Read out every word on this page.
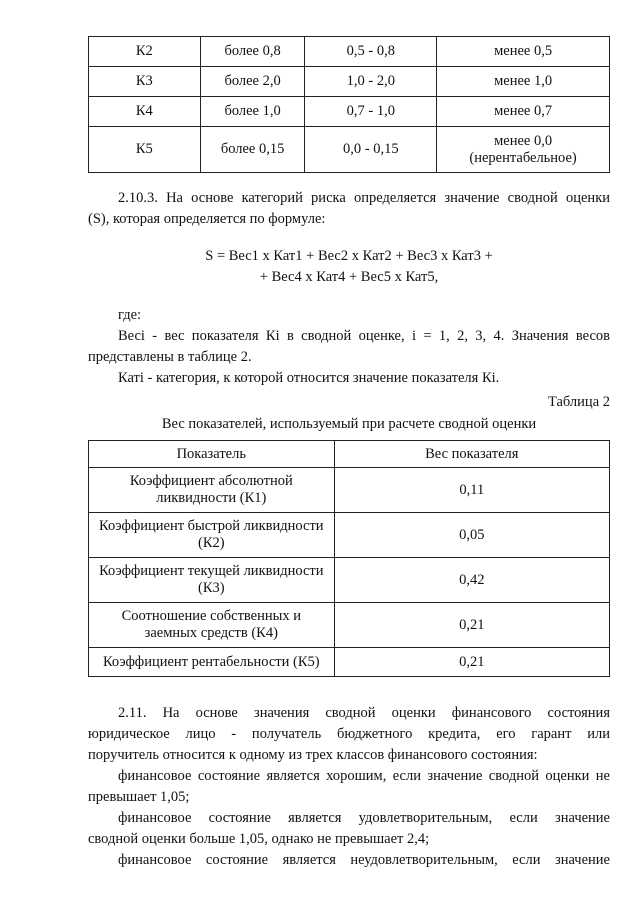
К2	более 0,8	0,5 - 0,8	менее 0,5
К3	более 2,0	1,0 - 2,0	менее 1,0
К4	более 1,0	0,7 - 1,0	менее 0,7
К5	более 0,15	0,0 - 0,15	менее 0,0
(нерентабельное)
2.10.3. На основе категорий риска определяется значение сводной оценки
(S), которая определяется по формуле:
S = Вес1 x Кат1 + Вес2 x Кат2 + Вес3 x Кат3 +
+ Вес4 x Кат4 + Вес5 x Кат5,
где:
Весi - вес показателя Кi в сводной оценке, i = 1, 2, 3, 4. Значения весов
представлены в таблице 2.
Катi - категория, к которой относится значение показателя Кi.
Таблица 2
Вес показателей, используемый при расчете сводной оценки
Показатель	Вес показателя

Коэффициент абсолютной
ликвидности (К1)	0,11

Коэффициент быстрой ликвидности
(К2)	0,05

Коэффициент текущей ликвидности
(К3)	0,42

Соотношение собственных и
заемных средств (К4)	0,21
Коэффициент рентабельности (К5)	0,21
2.11. На основе значения сводной оценки финансового состояния
юридическое лицо - получатель бюджетного кредита, его гарант или
поручитель относится к одному из трех классов финансового состояния:
финансовое состояние является хорошим, если значение сводной оценки не
превышает 1,05;
финансовое состояние является удовлетворительным, если значение
сводной оценки больше 1,05, однако не превышает 2,4;
финансовое состояние является неудовлетворительным, если значение
